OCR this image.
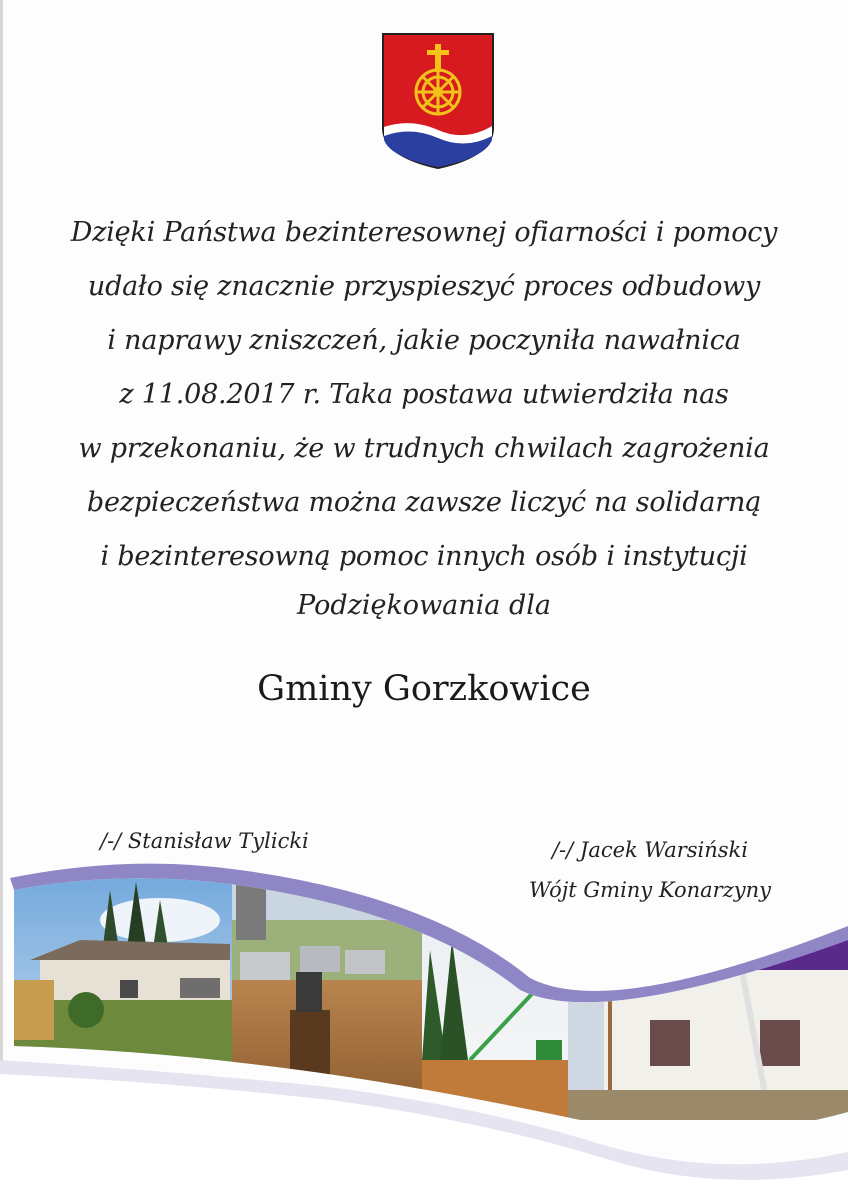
Dzięki Państwa bezinteresownej ofiarności i pomocy
udało się znacznie przyspieszyć proces odbudowy
i naprawy zniszczeń, jakie poczyniła nawałnica
z 11.08.2017 r. Taka postawa utwierdziła nas
w przekonaniu, że w trudnych chwilach zagrożenia
bezpieczeństwa można zawsze liczyć na solidarną
i bezinteresowną pomoc innych osób i instytucji
Podziękowania dla
Gminy Gorzkowice
/-/ Stanisław Tylicki	/-/ Jacek Warsiński
Wójt Gminy Konarzyny
